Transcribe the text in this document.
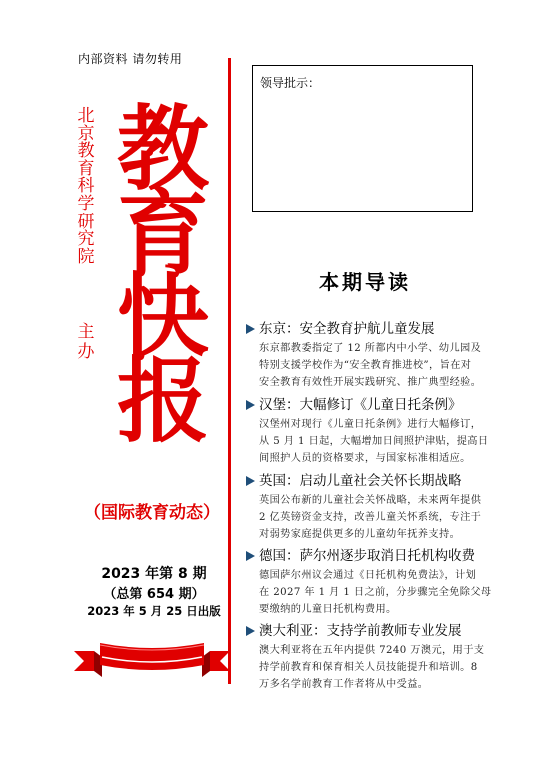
内部资料 请勿转用
北京教育科学研究院
主办
教
育
快
报
（国际教育动态）
2023 年第 8 期
（总第 654 期）
2023 年 5 月 25 日出版
领导批示：
本期导读
东京：安全教育护航儿童发展
东京都教委指定了 12 所都内中小学、幼儿园及
特别支援学校作为“安全教育推进校”，旨在对
安全教育有效性开展实践研究、推广典型经验。
汉堡：大幅修订《儿童日托条例》
汉堡州对现行《儿童日托条例》进行大幅修订，
从 5 月 1 日起，大幅增加日间照护津贴，提高日
间照护人员的资格要求，与国家标准相适应。
英国：启动儿童社会关怀长期战略
英国公布新的儿童社会关怀战略，未来两年提供
2 亿英镑资金支持，改善儿童关怀系统，专注于
对弱势家庭提供更多的儿童幼年抚养支持。
德国：萨尔州逐步取消日托机构收费
德国萨尔州议会通过《日托机构免费法》，计划
在 2027 年 1 月 1 日之前，分步骤完全免除父母
要缴纳的儿童日托机构费用。
澳大利亚：支持学前教师专业发展
澳大利亚将在五年内提供 7240 万澳元，用于支
持学前教育和保育相关人员技能提升和培训。8
万多名学前教育工作者将从中受益。
